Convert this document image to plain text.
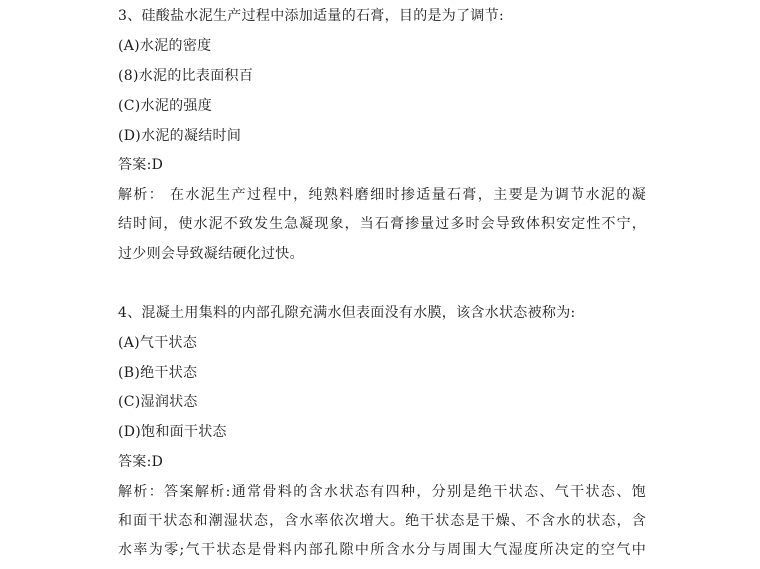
3、硅酸盐水泥生产过程中添加适量的石膏，目的是为了调节:
(A)水泥的密度
(8)水泥的比表面积百
(C)水泥的强度
(D)水泥的凝结时间
答案:D
解析： 在水泥生产过程中，纯熟料磨细时掺适量石膏，主要是为调节水泥的凝
结时间，使水泥不致发生急凝现象，当石膏掺量过多时会导致体积安定性不宁，
过少则会导致凝结硬化过快。
4、混凝土用集料的内部孔隙充满水但表面没有水膜，该含水状态被称为:
(A)气干状态
(B)绝干状态
(C)湿润状态
(D)饱和面干状态
答案:D
解析：答案解析:通常骨料的含水状态有四种，分别是绝干状态、气干状态、饱
和面干状态和潮湿状态，含水率依次增大。绝干状态是干燥、不含水的状态，含
水率为零;气干状态是骨料内部孔隙中所含水分与周围大气湿度所决定的空气中
